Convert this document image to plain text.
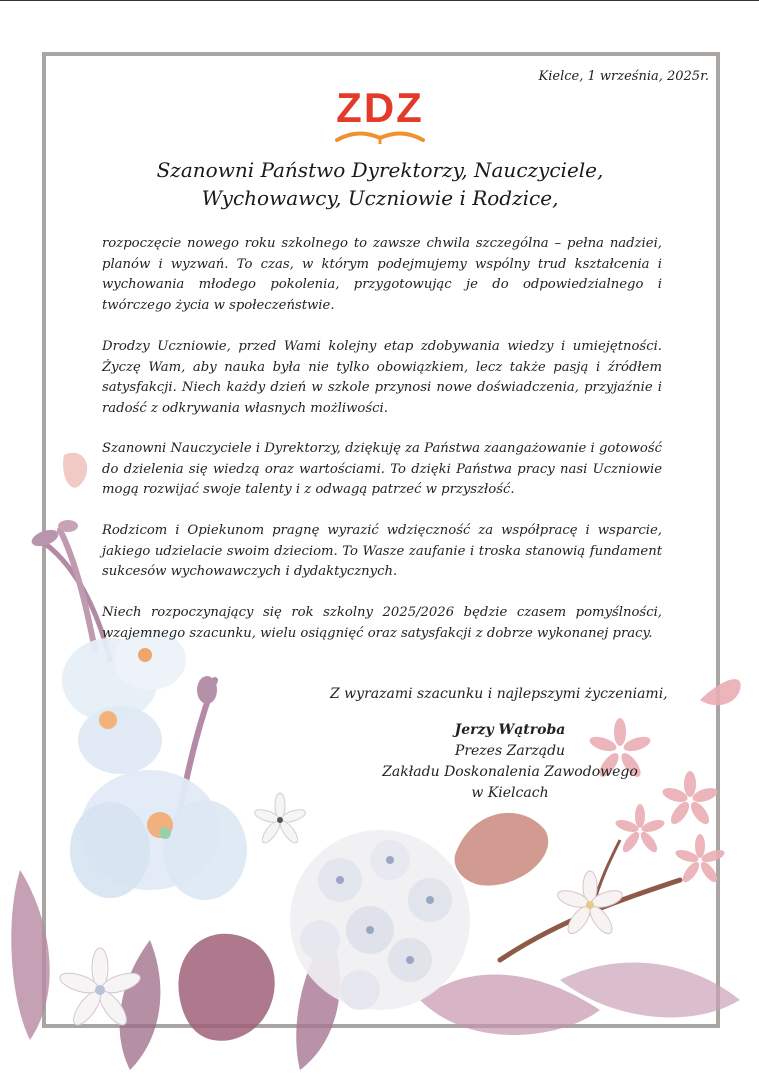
Kielce, 1 września, 2025r.
ZDZ
Szanowni Państwo Dyrektorzy, Nauczyciele,
Wychowawcy, Uczniowie i Rodzice,
rozpoczęcie nowego roku szkolnego to zawsze chwila szczególna – pełna nadziei, planów i wyzwań. To czas, w którym podejmujemy wspólny trud kształcenia i wychowania młodego pokolenia, przygotowując je do odpowiedzialnego i twórczego życia w społeczeństwie.
Drodzy Uczniowie, przed Wami kolejny etap zdobywania wiedzy i umiejętności. Życzę Wam, aby nauka była nie tylko obowiązkiem, lecz także pasją i źródłem satysfakcji. Niech każdy dzień w szkole przynosi nowe doświadczenia, przyjaźnie i radość z odkrywania własnych możliwości.
Szanowni Nauczyciele i Dyrektorzy, dziękuję za Państwa zaangażowanie i gotowość do dzielenia się wiedzą oraz wartościami. To dzięki Państwa pracy nasi Uczniowie mogą rozwijać swoje talenty i z odwagą patrzeć w przyszłość.
Rodzicom i Opiekunom pragnę wyrazić wdzięczność za współpracę i wsparcie, jakiego udzielacie swoim dzieciom. To Wasze zaufanie i troska stanowią fundament sukcesów wychowawczych i dydaktycznych.
Niech rozpoczynający się rok szkolny 2025/2026 będzie czasem pomyślności, wzajemnego szacunku, wielu osiągnięć oraz satysfakcji z dobrze wykonanej pracy.
Z wyrazami szacunku i najlepszymi życzeniami,
Jerzy Wątroba
Prezes Zarządu
Zakładu Doskonalenia Zawodowego
w Kielcach
